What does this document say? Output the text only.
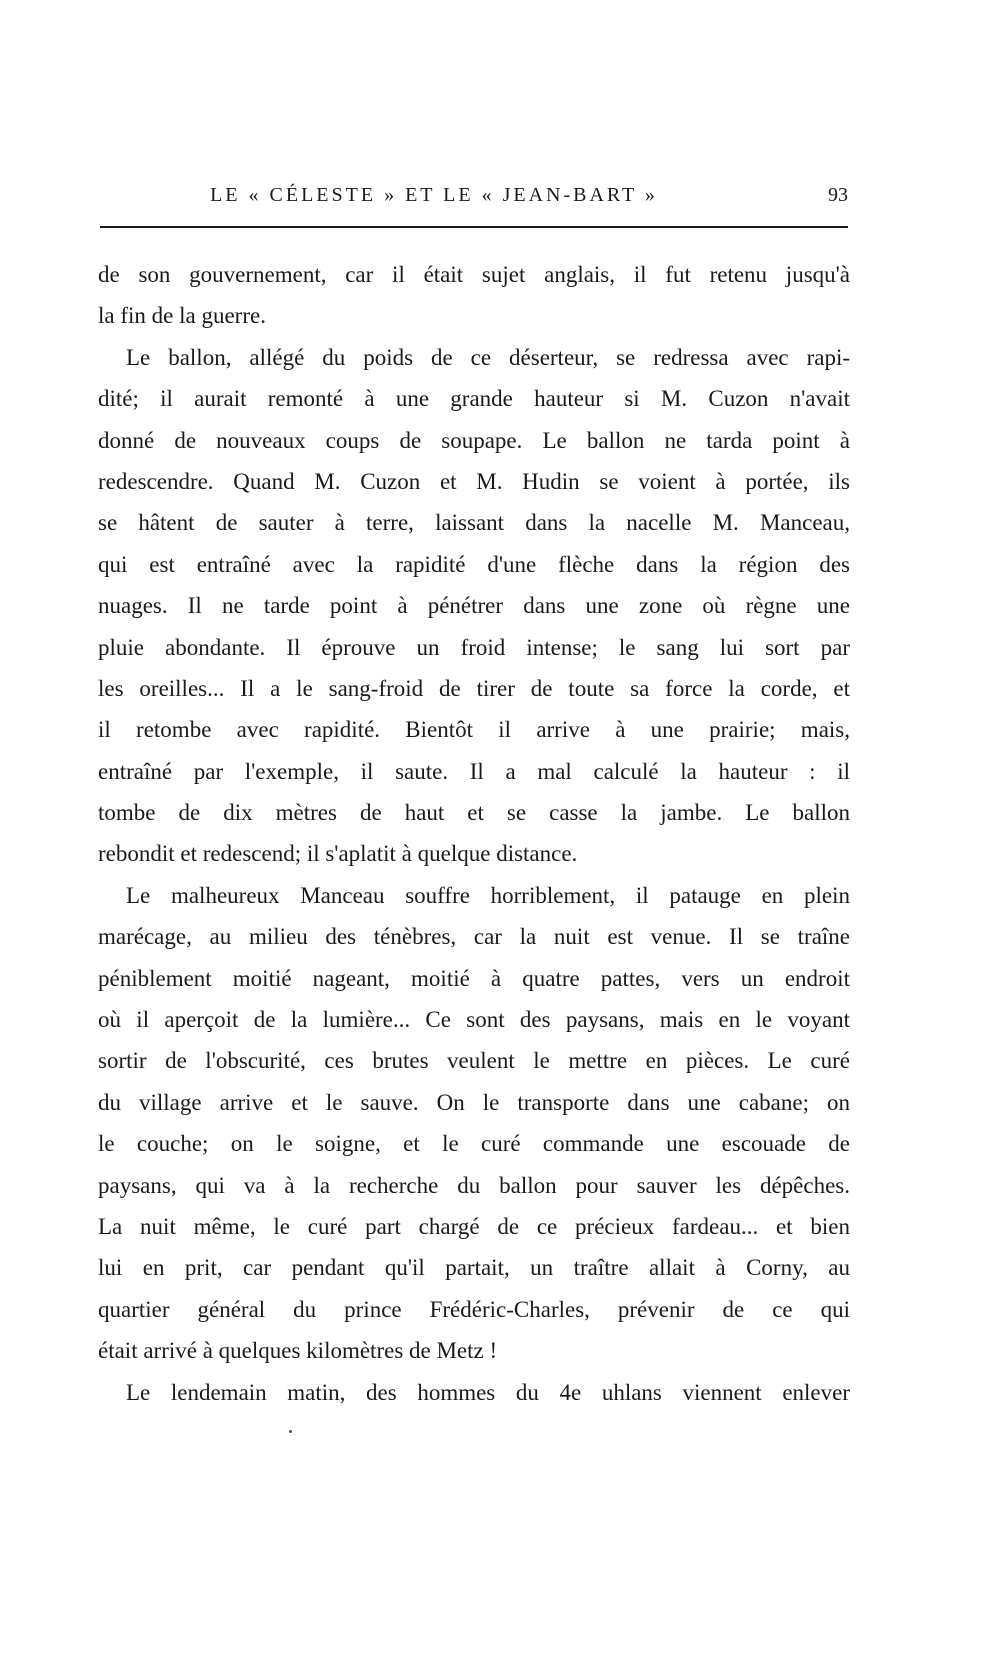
LE « CÉLESTE » ET LE « JEAN-BART »	93
de son gouvernement, car il était sujet anglais, il fut retenu jusqu'à
la fin de la guerre.
Le ballon, allégé du poids de ce déserteur, se redressa avec rapi-
dité; il aurait remonté à une grande hauteur si M. Cuzon n'avait
donné de nouveaux coups de soupape. Le ballon ne tarda point à
redescendre. Quand M. Cuzon et M. Hudin se voient à portée, ils
se hâtent de sauter à terre, laissant dans la nacelle M. Manceau,
qui est entraîné avec la rapidité d'une flèche dans la région des
nuages. Il ne tarde point à pénétrer dans une zone où règne une
pluie abondante. Il éprouve un froid intense; le sang lui sort par
les oreilles... Il a le sang-froid de tirer de toute sa force la corde, et
il retombe avec rapidité. Bientôt il arrive à une prairie; mais,
entraîné par l'exemple, il saute. Il a mal calculé la hauteur : il
tombe de dix mètres de haut et se casse la jambe. Le ballon
rebondit et redescend; il s'aplatit à quelque distance.
Le malheureux Manceau souffre horriblement, il patauge en plein
marécage, au milieu des ténèbres, car la nuit est venue. Il se traîne
péniblement moitié nageant, moitié à quatre pattes, vers un endroit
où il aperçoit de la lumière... Ce sont des paysans, mais en le voyant
sortir de l'obscurité, ces brutes veulent le mettre en pièces. Le curé
du village arrive et le sauve. On le transporte dans une cabane; on
le couche; on le soigne, et le curé commande une escouade de
paysans, qui va à la recherche du ballon pour sauver les dépêches.
La nuit même, le curé part chargé de ce précieux fardeau... et bien
lui en prit, car pendant qu'il partait, un traître allait à Corny, au
quartier général du prince Frédéric-Charles, prévenir de ce qui
était arrivé à quelques kilomètres de Metz !
Le lendemain matin, des hommes du 4e uhlans viennent enlever
